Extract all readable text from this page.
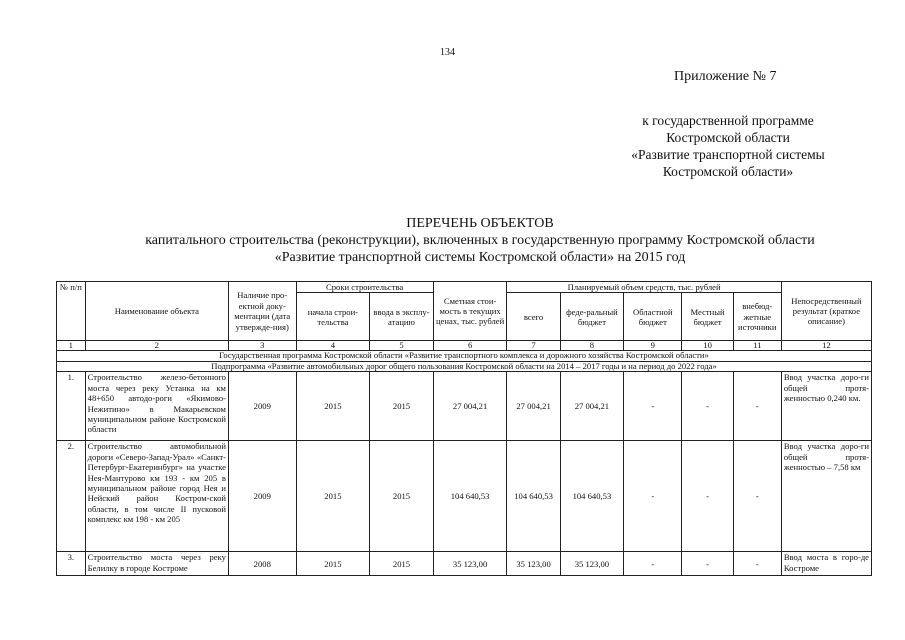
134
Приложение № 7
к государственной программе
Костромской области
«Развитие транспортной системы
Костромской области»
ПЕРЕЧЕНЬ ОБЪЕКТОВ
капитального строительства (реконструкции), включенных в государственную программу Костромской области
«Развитие транспортной системы Костромской области» на 2015 год
№ п/п	Наименование объекта	Наличие про-ектной доку-ментации (дата утвержде-ния)	Сроки строительства		Сметная стои-мость в текущих ценах, тыс. рублей	Планируемый объем средств, тыс. рублей					Непосредственный результат (краткое описание)
			начала строи-тельства	ввода в эксплу-атацию		всего	феде-ральный бюджет	Областной бюджет	Местный бюджет	внебюд-жетные источники	
1	2	3	4	5	6	7	8	9	10	11	12
Государственная программа Костромской области «Развитие транспортного комплекса и дорожного хозяйства Костромской области»											
Подпрограмма «Развитие автомобильных дорог общего пользования Костромской области на 2014 – 2017 годы и на период до 2022 года»											
1.	Строительство железо-бетонного моста через реку Устанка на км 48+650 автодо-роги «Якимово-Нежитино» в Макарьевском муниципальном районе Костромской области	2009	2015	2015	27 004,21	27 004,21	27 004,21	-	-	-	Ввод участка доро-ги общей протя-женностью 0,240 км.
2.	Строительство автомобильной дороги «Северо-Запад-Урал» «Санкт-Петербург-Екатеринбург» на участке Нея-Мантурово км 193 - км 205 в муниципальном районе город Нея и Нейский район Костром-ской области, в том числе II пусковой комплекс км 198 - км 205	2009	2015	2015	104 640,53	104 640,53	104 640,53	-	-	-	Ввод участка доро-ги общей протя-женностью – 7,58 км
3.	Строительство моста через реку Белилку в городе Костроме	2008	2015	2015	35 123,00	35 123,00	35 123,00	-	-	-	Ввод моста в горо-де Костроме
